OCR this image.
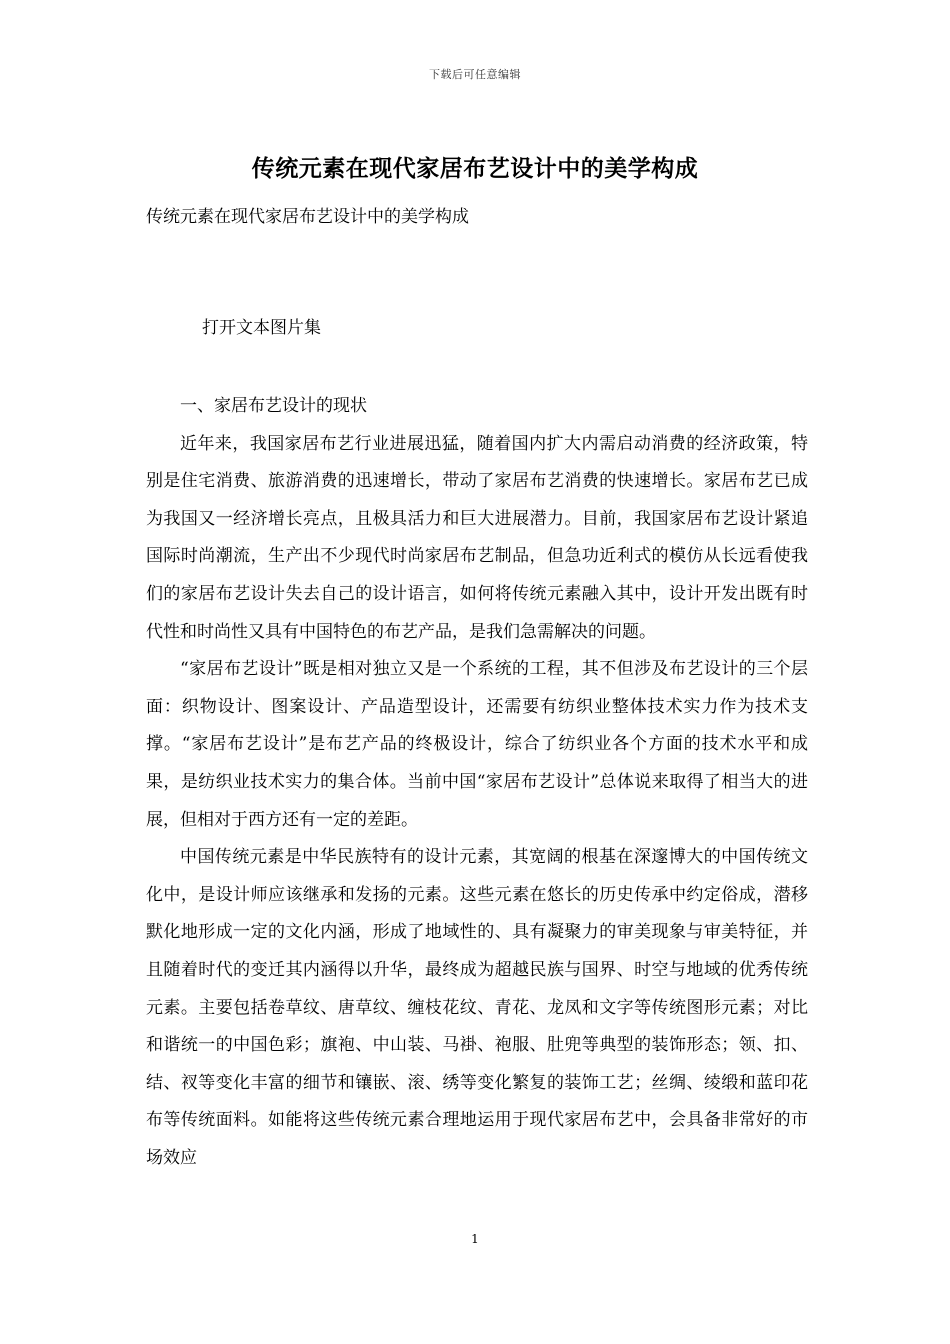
下载后可任意编辑
传统元素在现代家居布艺设计中的美学构成
传统元素在现代家居布艺设计中的美学构成
打开文本图片集

一、家居布艺设计的现状

近年来，我国家居布艺行业进展迅猛，随着国内扩大内需启动消费的经济政策，特别是住宅消费、旅游消费的迅速增长，带动了家居布艺消费的快速增长。家居布艺已成为我国又一经济增长亮点，且极具活力和巨大进展潜力。目前，我国家居布艺设计紧追国际时尚潮流，生产出不少现代时尚家居布艺制品，但急功近利式的模仿从长远看使我们的家居布艺设计失去自己的设计语言，如何将传统元素融入其中，设计开发出既有时代性和时尚性又具有中国特色的布艺产品，是我们急需解决的问题。

“家居布艺设计”既是相对独立又是一个系统的工程，其不但涉及布艺设计的三个层面：织物设计、图案设计、产品造型设计，还需要有纺织业整体技术实力作为技术支撑。“家居布艺设计”是布艺产品的终极设计，综合了纺织业各个方面的技术水平和成果，是纺织业技术实力的集合体。当前中国“家居布艺设计”总体说来取得了相当大的进展，但相对于西方还有一定的差距。

中国传统元素是中华民族特有的设计元素，其宽阔的根基在深邃博大的中国传统文化中，是设计师应该继承和发扬的元素。这些元素在悠长的历史传承中约定俗成，潜移默化地形成一定的文化内涵，形成了地域性的、具有凝聚力的审美现象与审美特征，并且随着时代的变迁其内涵得以升华，最终成为超越民族与国界、时空与地域的优秀传统元素。主要包括卷草纹、唐草纹、缠枝花纹、青花、龙凤和文字等传统图形元素；对比和谐统一的中国色彩；旗袍、中山装、马褂、袍服、肚兜等典型的装饰形态；领、扣、结、衩等变化丰富的细节和镶嵌、滚、绣等变化繁复的装饰工艺；丝绸、绫缎和蓝印花布等传统面料。如能将这些传统元素合理地运用于现代家居布艺中，会具备非常好的市场效应

1
